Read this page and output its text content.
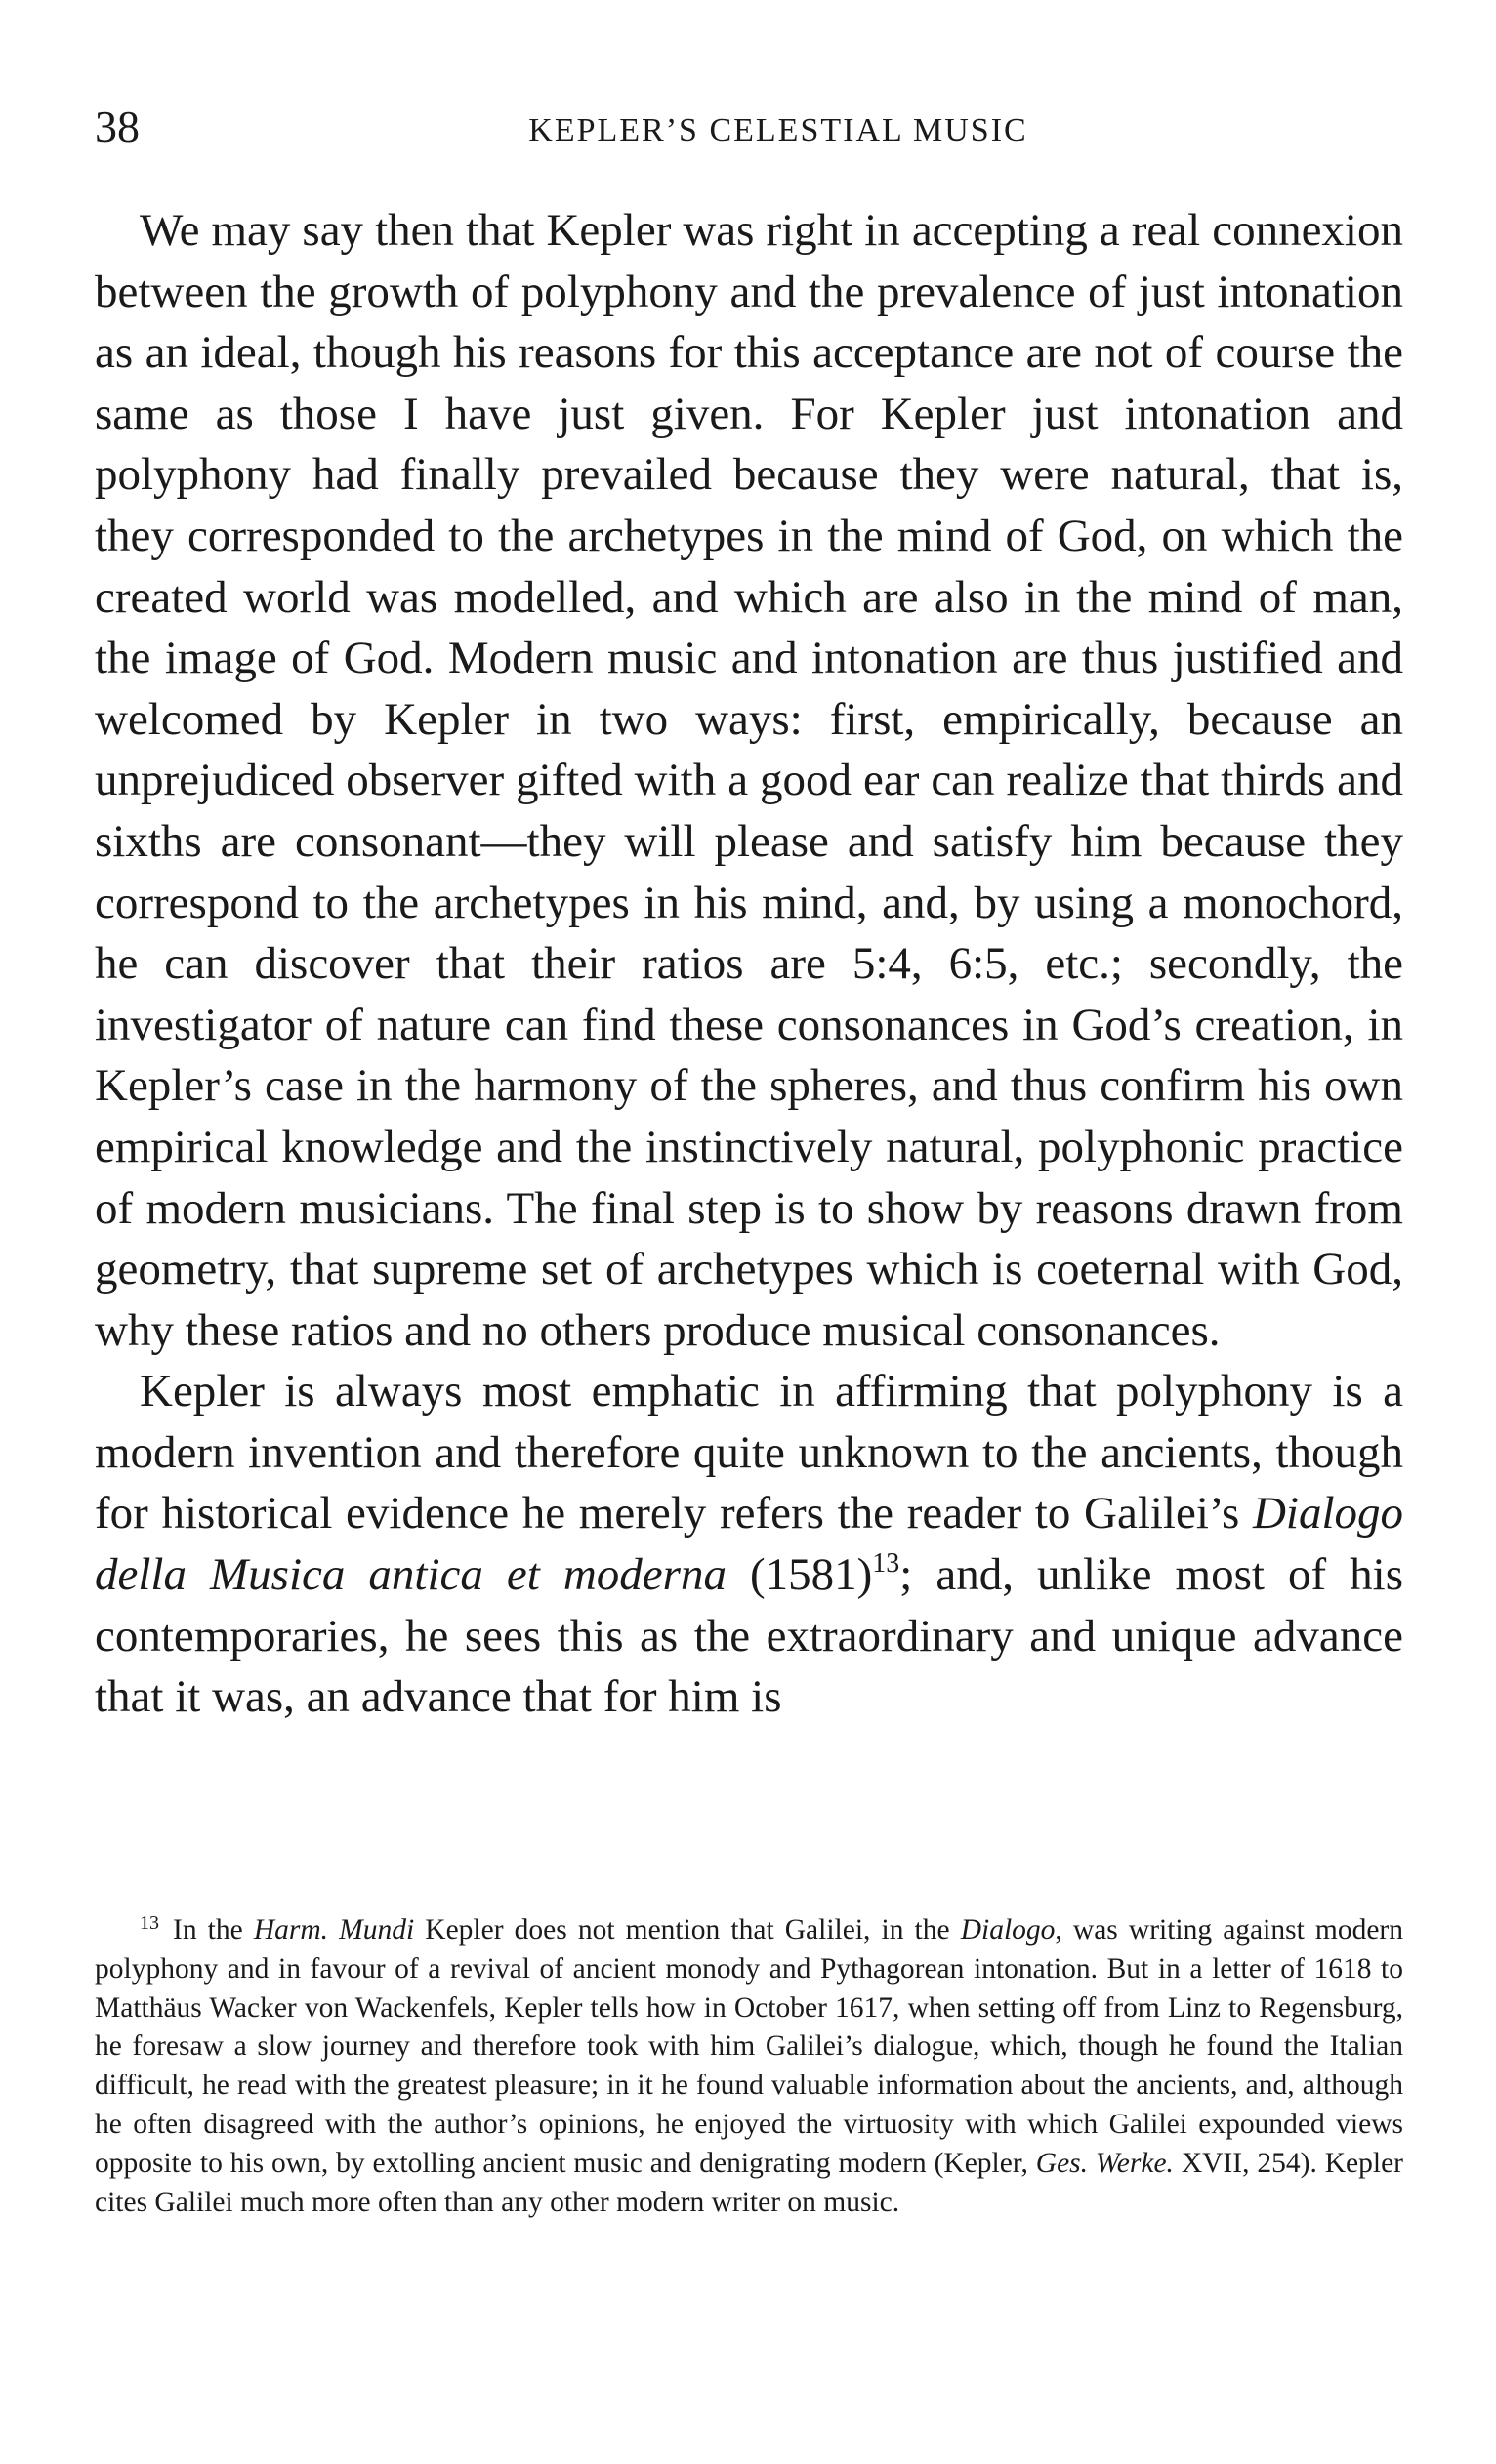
38	KEPLER’S CELESTIAL MUSIC

We may say then that Kepler was right in accepting a real connexion between the growth of polyphony and the prevalence of just intonation as an ideal, though his reasons for this acceptance are not of course the same as those I have just given. For Kepler just intonation and polyphony had finally prevailed because they were natural, that is, they corresponded to the archetypes in the mind of God, on which the created world was modelled, and which are also in the mind of man, the image of God. Modern music and intonation are thus justified and welcomed by Kepler in two ways: first, empirically, because an unprejudiced observer gifted with a good ear can realize that thirds and sixths are consonant—they will please and satisfy him because they correspond to the archetypes in his mind, and, by using a monochord, he can discover that their ratios are 5:4, 6:5, etc.; secondly, the investigator of nature can find these consonances in God’s creation, in Kepler’s case in the harmony of the spheres, and thus confirm his own empirical knowledge and the instinctively natural, polyphonic practice of modern musicians. The final step is to show by reasons drawn from geometry, that supreme set of archetypes which is coeternal with God, why these ratios and no others produce musical consonances.

Kepler is always most emphatic in affirming that polyphony is a modern invention and therefore quite unknown to the ancients, though for historical evidence he merely refers the reader to Galilei’s Dialogo della Musica antica et moderna $(1581)^{13}$; and, unlike most of his contemporaries, he sees this as the extraordinary and unique advance that it was, an advance that for him is

$^{13}$ In the Harm. Mundi Kepler does not mention that Galilei, in the Dialogo, was writing against modern polyphony and in favour of a revival of ancient monody and Pythagorean intonation. But in a letter of 1618 to Matthäus Wacker von Wackenfels, Kepler tells how in October 1617, when setting off from Linz to Regensburg, he foresaw a slow journey and therefore took with him Galilei’s dialogue, which, though he found the Italian difficult, he read with the greatest pleasure; in it he found valuable information about the ancients, and, although he often disagreed with the author’s opinions, he enjoyed the virtuosity with which Galilei expounded views opposite to his own, by extolling ancient music and denigrating modern (Kepler, Ges. Werke. XVII, 254). Kepler cites Galilei much more often than any other modern writer on music.
